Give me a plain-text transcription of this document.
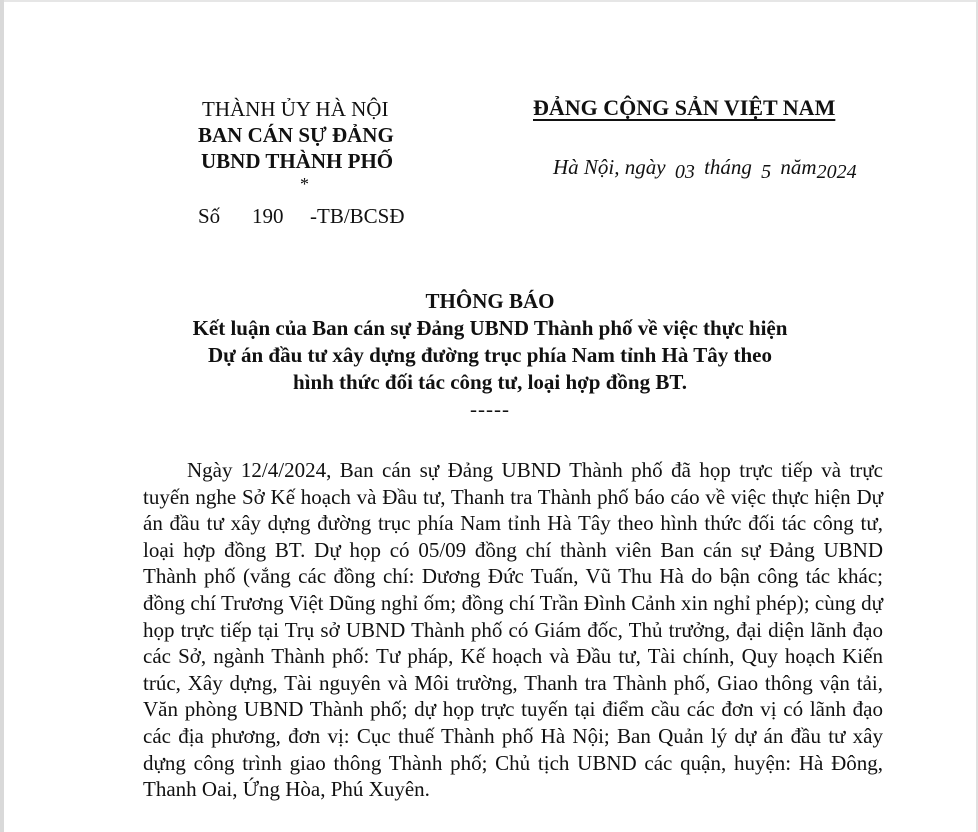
THÀNH ỦY HÀ NỘI
BAN CÁN SỰ ĐẢNG
UBND THÀNH PHỐ
*
Số 190 -TB/BCSĐ
ĐẢNG CỘNG SẢN VIỆT NAM
Hà Nội, ngày 03 tháng 5 năm2024
THÔNG BÁO
Kết luận của Ban cán sự Đảng UBND Thành phố về việc thực hiện
Dự án đầu tư xây dựng đường trục phía Nam tỉnh Hà Tây theo
hình thức đối tác công tư, loại hợp đồng BT.
-----
Ngày 12/4/2024, Ban cán sự Đảng UBND Thành phố đã họp trực tiếp và trực tuyến nghe Sở Kế hoạch và Đầu tư, Thanh tra Thành phố báo cáo về việc thực hiện Dự án đầu tư xây dựng đường trục phía Nam tỉnh Hà Tây theo hình thức đối tác công tư, loại hợp đồng BT. Dự họp có 05/09 đồng chí thành viên Ban cán sự Đảng UBND Thành phố (vắng các đồng chí: Dương Đức Tuấn, Vũ Thu Hà do bận công tác khác; đồng chí Trương Việt Dũng nghỉ ốm; đồng chí Trần Đình Cảnh xin nghỉ phép); cùng dự họp trực tiếp tại Trụ sở UBND Thành phố có Giám đốc, Thủ trưởng, đại diện lãnh đạo các Sở, ngành Thành phố: Tư pháp, Kế hoạch và Đầu tư, Tài chính, Quy hoạch Kiến trúc, Xây dựng, Tài nguyên và Môi trường, Thanh tra Thành phố, Giao thông vận tải, Văn phòng UBND Thành phố; dự họp trực tuyến tại điểm cầu các đơn vị có lãnh đạo các địa phương, đơn vị: Cục thuế Thành phố Hà Nội; Ban Quản lý dự án đầu tư xây dựng công trình giao thông Thành phố; Chủ tịch UBND các quận, huyện: Hà Đông, Thanh Oai, Ứng Hòa, Phú Xuyên.
